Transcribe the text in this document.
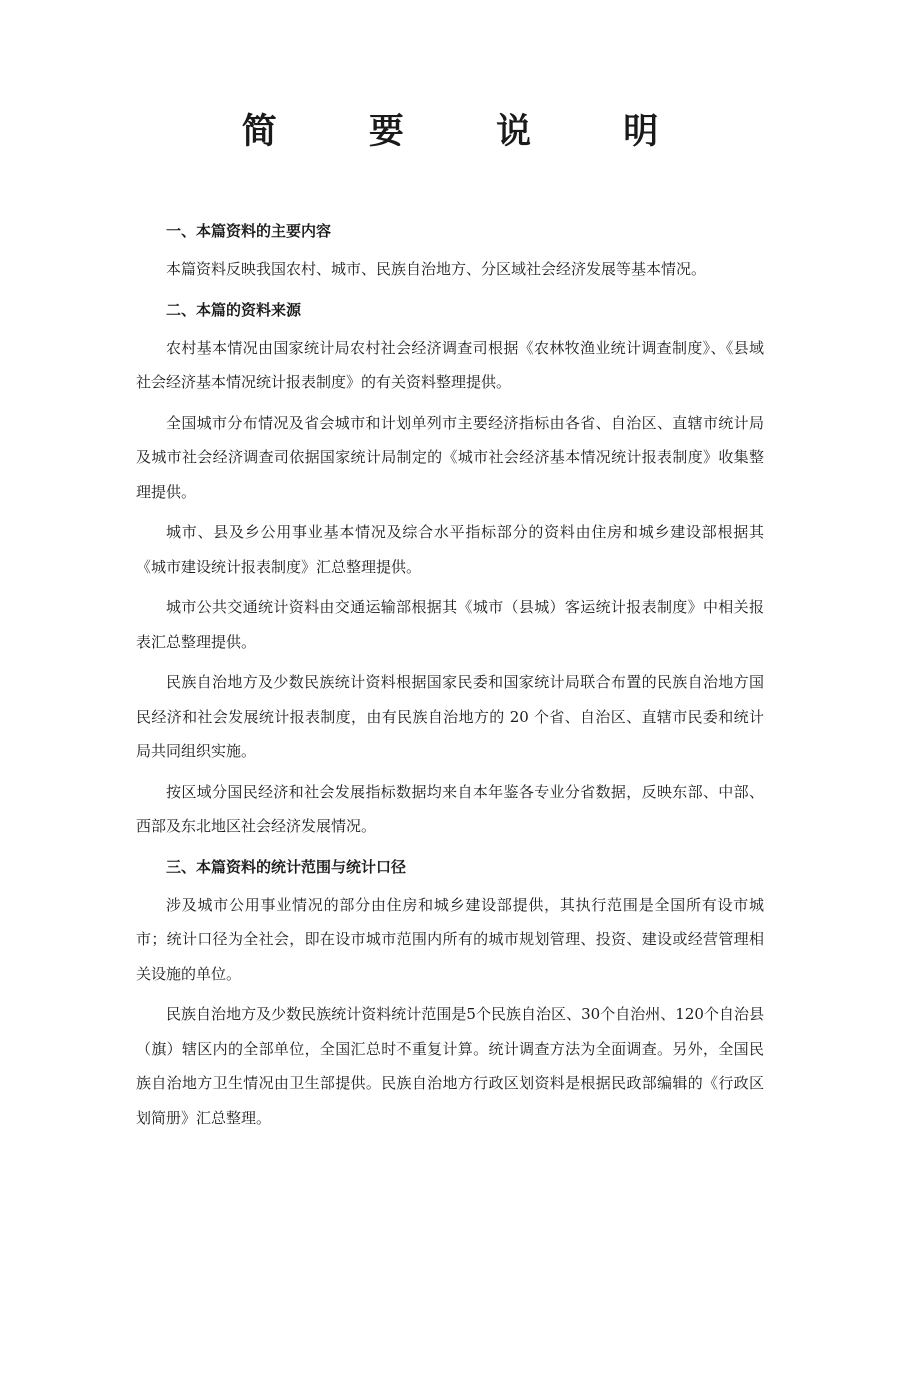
简 要 说 明
一、本篇资料的主要内容

本篇资料反映我国农村、城市、民族自治地方、分区域社会经济发展等基本情况。

二、本篇的资料来源

农村基本情况由国家统计局农村社会经济调查司根据《农林牧渔业统计调查制度》、《县域社会经济基本情况统计报表制度》的有关资料整理提供。

全国城市分布情况及省会城市和计划单列市主要经济指标由各省、自治区、直辖市统计局及城市社会经济调查司依据国家统计局制定的《城市社会经济基本情况统计报表制度》收集整理提供。

城市、县及乡公用事业基本情况及综合水平指标部分的资料由住房和城乡建设部根据其《城市建设统计报表制度》汇总整理提供。

城市公共交通统计资料由交通运输部根据其《城市（县城）客运统计报表制度》中相关报表汇总整理提供。

民族自治地方及少数民族统计资料根据国家民委和国家统计局联合布置的民族自治地方国民经济和社会发展统计报表制度，由有民族自治地方的 20 个省、自治区、直辖市民委和统计局共同组织实施。

按区域分国民经济和社会发展指标数据均来自本年鉴各专业分省数据，反映东部、中部、西部及东北地区社会经济发展情况。

三、本篇资料的统计范围与统计口径

涉及城市公用事业情况的部分由住房和城乡建设部提供，其执行范围是全国所有设市城市；统计口径为全社会，即在设市城市范围内所有的城市规划管理、投资、建设或经营管理相关设施的单位。

民族自治地方及少数民族统计资料统计范围是5个民族自治区、30个自治州、120个自治县（旗）辖区内的全部单位，全国汇总时不重复计算。统计调查方法为全面调查。另外，全国民族自治地方卫生情况由卫生部提供。民族自治地方行政区划资料是根据民政部编辑的《行政区划简册》汇总整理。
